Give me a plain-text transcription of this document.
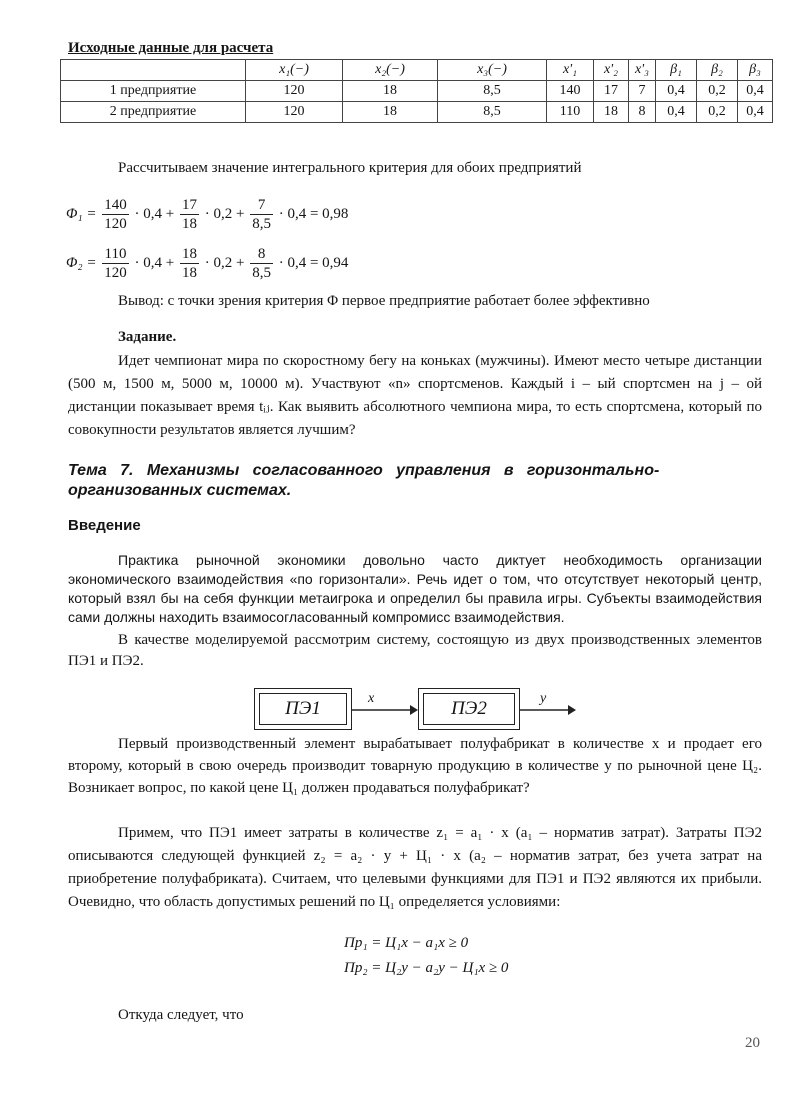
Исходные данные для расчета
	x₁(−)	x₂(−)	x₃(−)	x'₁	x'₂	x'₃	β₁	β₂	β₃
1 предприятие	120	18	8,5	140	17	7	0,4	0,2	0,4
2 предприятие	120	18	8,5	110	18	8	0,4	0,2	0,4
Рассчитываем значение интегрального критерия для обоих предприятий
$\Phi_1 = \frac{140}{120} \cdot 0,4 + \frac{17}{18} \cdot 0,2 + \frac{7}{8,5} \cdot 0,4 = 0,98$
$\Phi_2 = \frac{110}{120} \cdot 0,4 + \frac{18}{18} \cdot 0,2 + \frac{8}{8,5} \cdot 0,4 = 0,94$
Вывод: с точки зрения критерия Φ первое предприятие работает более эффективно
Задание.
Идет чемпионат мира по скоростному бегу на коньках (мужчины). Имеют место четыре дистанции (500 м, 1500 м, 5000 м, 10000 м). Участвуют «n» спортсменов. Каждый i – ый спортсмен на j – ой дистанции показывает время tᵢⱼ. Как выявить абсолютного чемпиона мира, то есть спортсмена, который по совокупности результатов является лучшим?
Тема   7.   Механизмы   согласованного   управления   в   горизонтально-
организованных системах.
Введение
Практика рыночной экономики довольно часто диктует необходимость организации экономического взаимодействия «по горизонтали». Речь идет о том, что отсутствует некоторый центр, который взял бы на себя функции метаигрока и определил бы правила игры. Субъекты взаимодействия сами должны находить взаимосогласованный компромисс взаимодействия.
В качестве моделируемой рассмотрим систему, состоящую из двух производственных элементов ПЭ1 и ПЭ2.
ПЭ1	x	ПЭ2	y
Первый производственный элемент вырабатывает полуфабрикат в количестве x и продает его второму, который в свою очередь производит товарную продукцию в количестве y по рыночной цене Ц₂. Возникает вопрос, по какой цене Ц₁ должен продаваться полуфабрикат?
Примем, что ПЭ1 имеет затраты в количестве z₁ = a₁ · x (a₁ – норматив затрат). Затраты ПЭ2 описываются следующей функцией z₂ = a₂ · y + Ц₁ · x (a₂ – норматив затрат, без учета затрат на приобретение полуфабриката). Считаем, что целевыми функциями для ПЭ1 и ПЭ2 являются их прибыли. Очевидно, что область допустимых решений по Ц₁ определяется условиями:
Пр₁ = Ц₁x − a₁x ≥ 0
Пр₂ = Ц₂y − a₂y − Ц₁x ≥ 0
Откуда следует, что
20
